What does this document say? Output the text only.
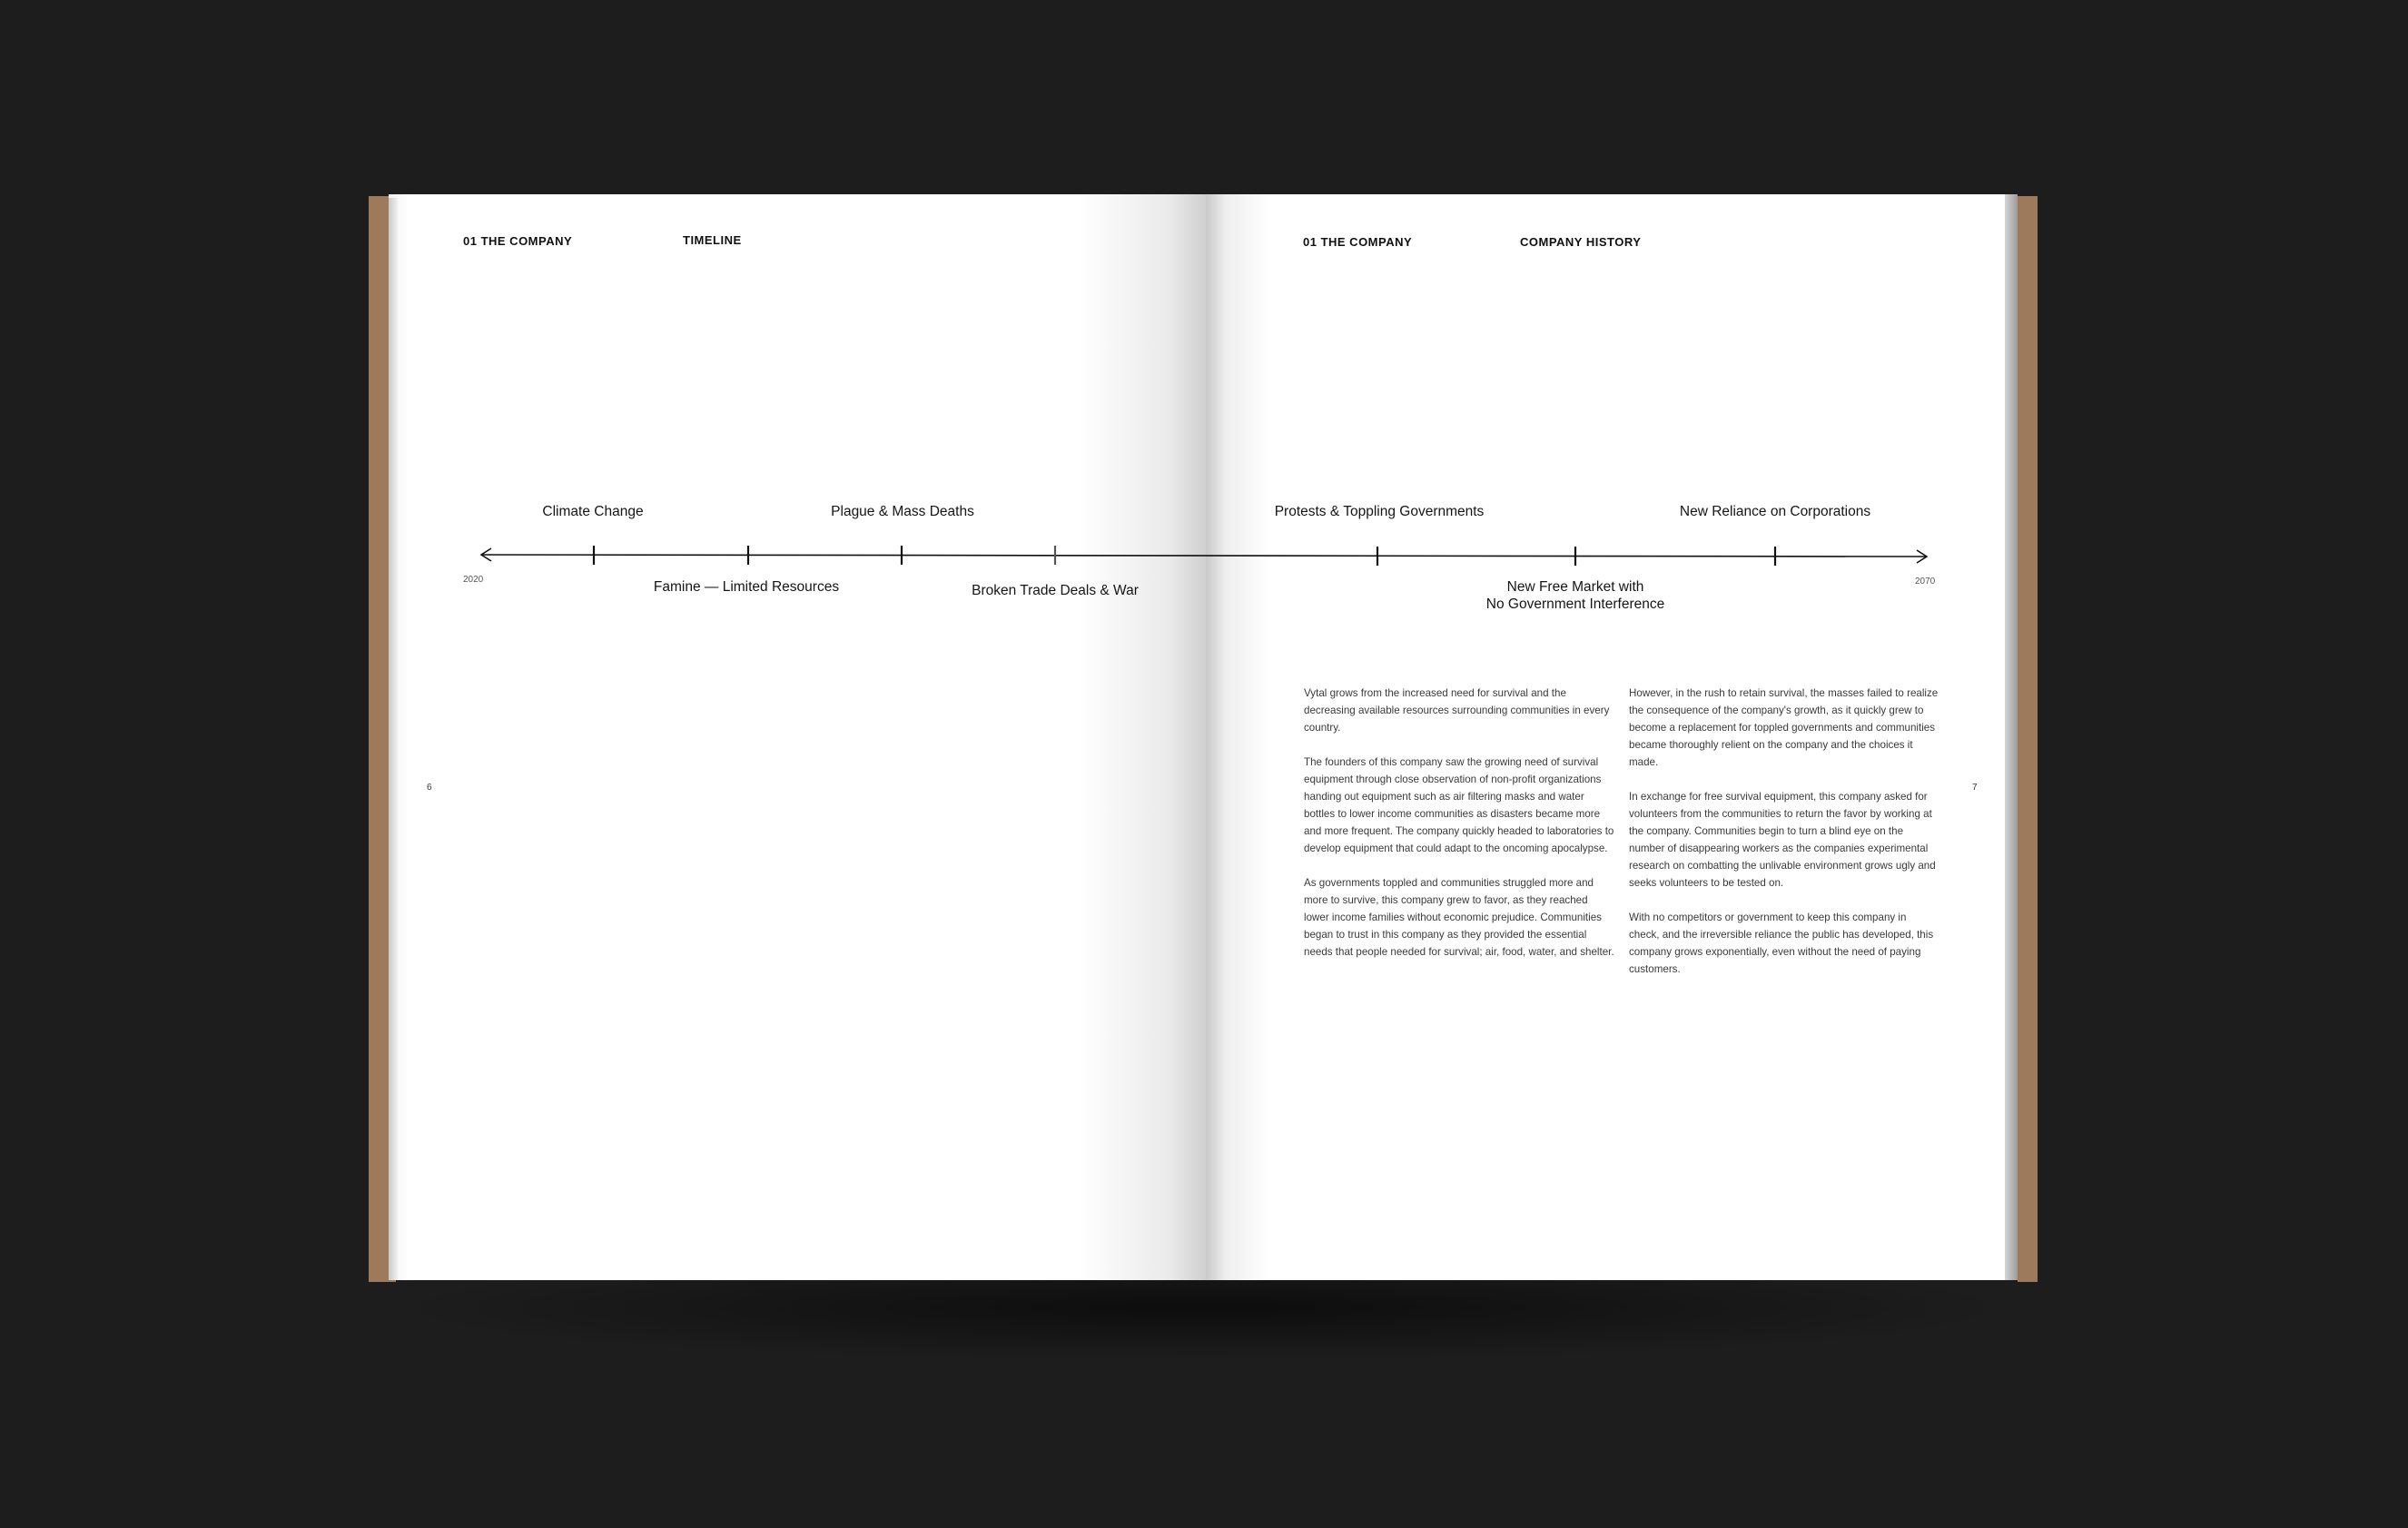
01 THE COMPANY	TIMELINE	01 THE COMPANY	COMPANY HISTORY
6	7
2020	2070
Climate Change	Plague & Mass Deaths	Protests & Toppling Governments	New Reliance on Corporations
Famine — Limited Resources	Broken Trade Deals & War	New Free Market with
No Government Interference

Vytal grows from the increased need for survival and the decreasing available resources surrounding communities in every country.

The founders of this company saw the growing need of survival equipment through close observation of non-profit organizations handing out equipment such as air filtering masks and water bottles to lower income communities as disasters became more and more frequent. The company quickly headed to laboratories to develop equipment that could adapt to the oncoming apocalypse.

As governments toppled and communities struggled more and more to survive, this company grew to favor, as they reached lower income families without economic prejudice. Communities began to trust in this company as they provided the essential needs that people needed for survival; air, food, water, and shelter.

However, in the rush to retain survival, the masses failed to realize the consequence of the company's growth, as it quickly grew to become a replacement for toppled governments and communities became thoroughly relient on the company and the choices it made.

In exchange for free survival equipment, this company asked for volunteers from the communities to return the favor by working at the company. Communities begin to turn a blind eye on the number of disappearing workers as the companies experimental research on combatting the unlivable environment grows ugly and seeks volunteers to be tested on.

With no competitors or government to keep this company in check, and the irreversible reliance the public has developed, this company grows exponentially, even without the need of paying customers.
